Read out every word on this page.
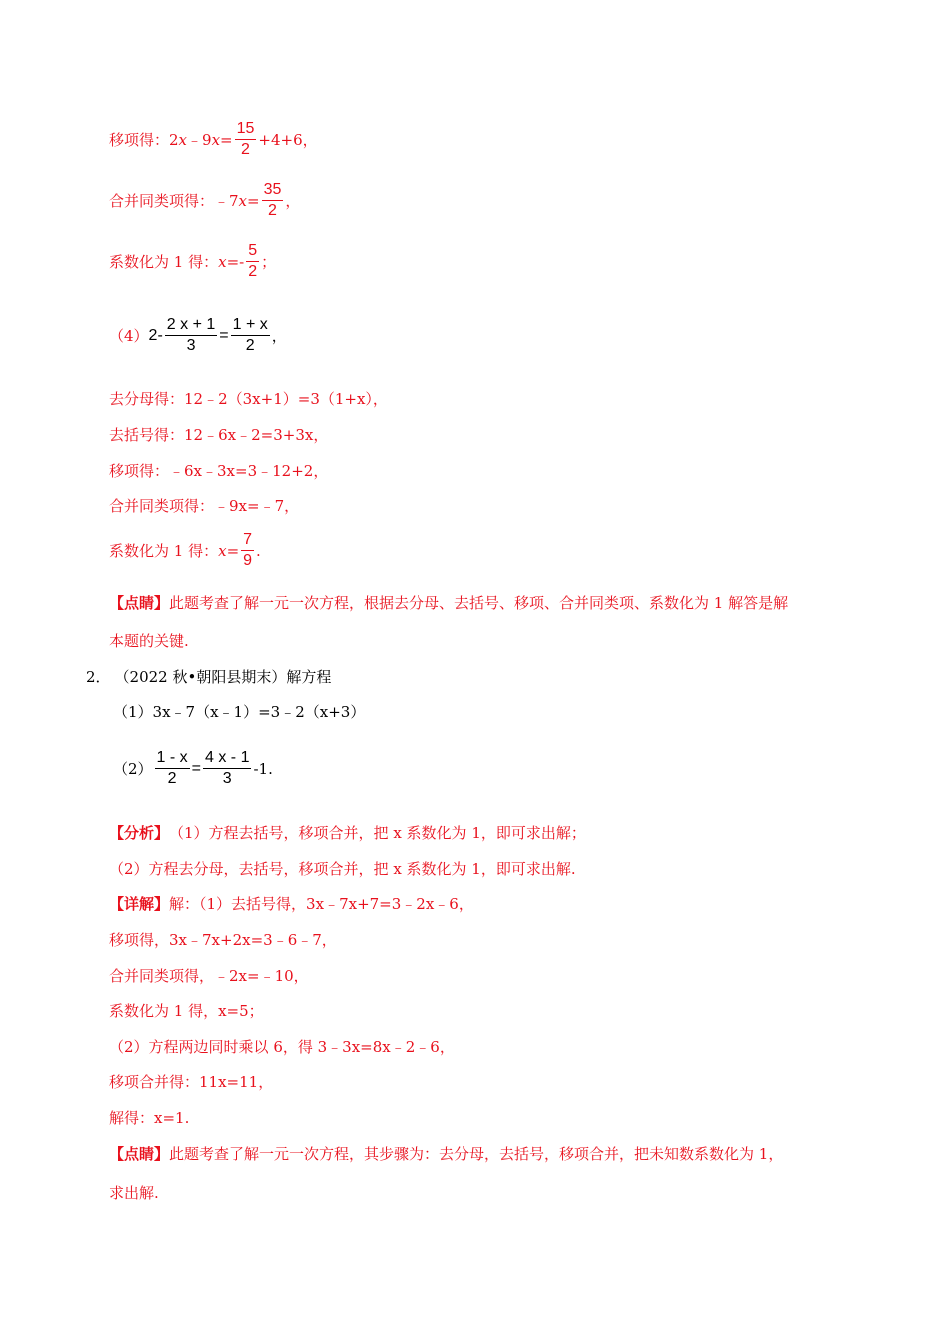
移项得：2 x ﹣9 $x = \frac{15}{2} +4+6$，
合并同类项得：﹣7 $x = \frac{35}{2}$ ，
系数化为 1 得： $x =- \frac{5}{2}$ ；
（4） $2 - \frac{2 x + 1}{3} = \frac{1 + x}{2}$ ，
去分母得：12﹣2（3x+1）=3（1+x），
去括号得：12﹣6x﹣2=3+3x，
移项得：﹣6x﹣3x=3﹣12+2，
合并同类项得：﹣9x=﹣7，
系数化为 1 得： $x = \frac{7}{9}$ .
【点睛】 此题考查了解一元一次方程，根据去分母、去括号、移项、合并同类项、系数化为 1 解答是解
本题的关键.
2． （2022 秋•朝阳县期末）解方程
（1）3x﹣7（x﹣1）=3﹣2（x+3）
$(2) \frac{1 - x}{2} = \frac{4 x - 1}{3} -1$.
【分析】 （1）方程去括号，移项合并，把 x 系数化为 1，即可求出解；
（2）方程去分母，去括号，移项合并，把 x 系数化为 1，即可求出解.
【详解】 解：（1）去括号得，3x﹣7x+7=3﹣2x﹣6，
移项得，3x﹣7x+2x=3﹣6﹣7，
合并同类项得，﹣2x=﹣10，
系数化为 1 得，x=5；
（2）方程两边同时乘以 6，得 3﹣3x=8x﹣2﹣6，
移项合并得：11x=11，
解得：x=1.
【点睛】 此题考查了解一元一次方程，其步骤为：去分母，去括号，移项合并，把未知数系数化为 1，
求出解.
